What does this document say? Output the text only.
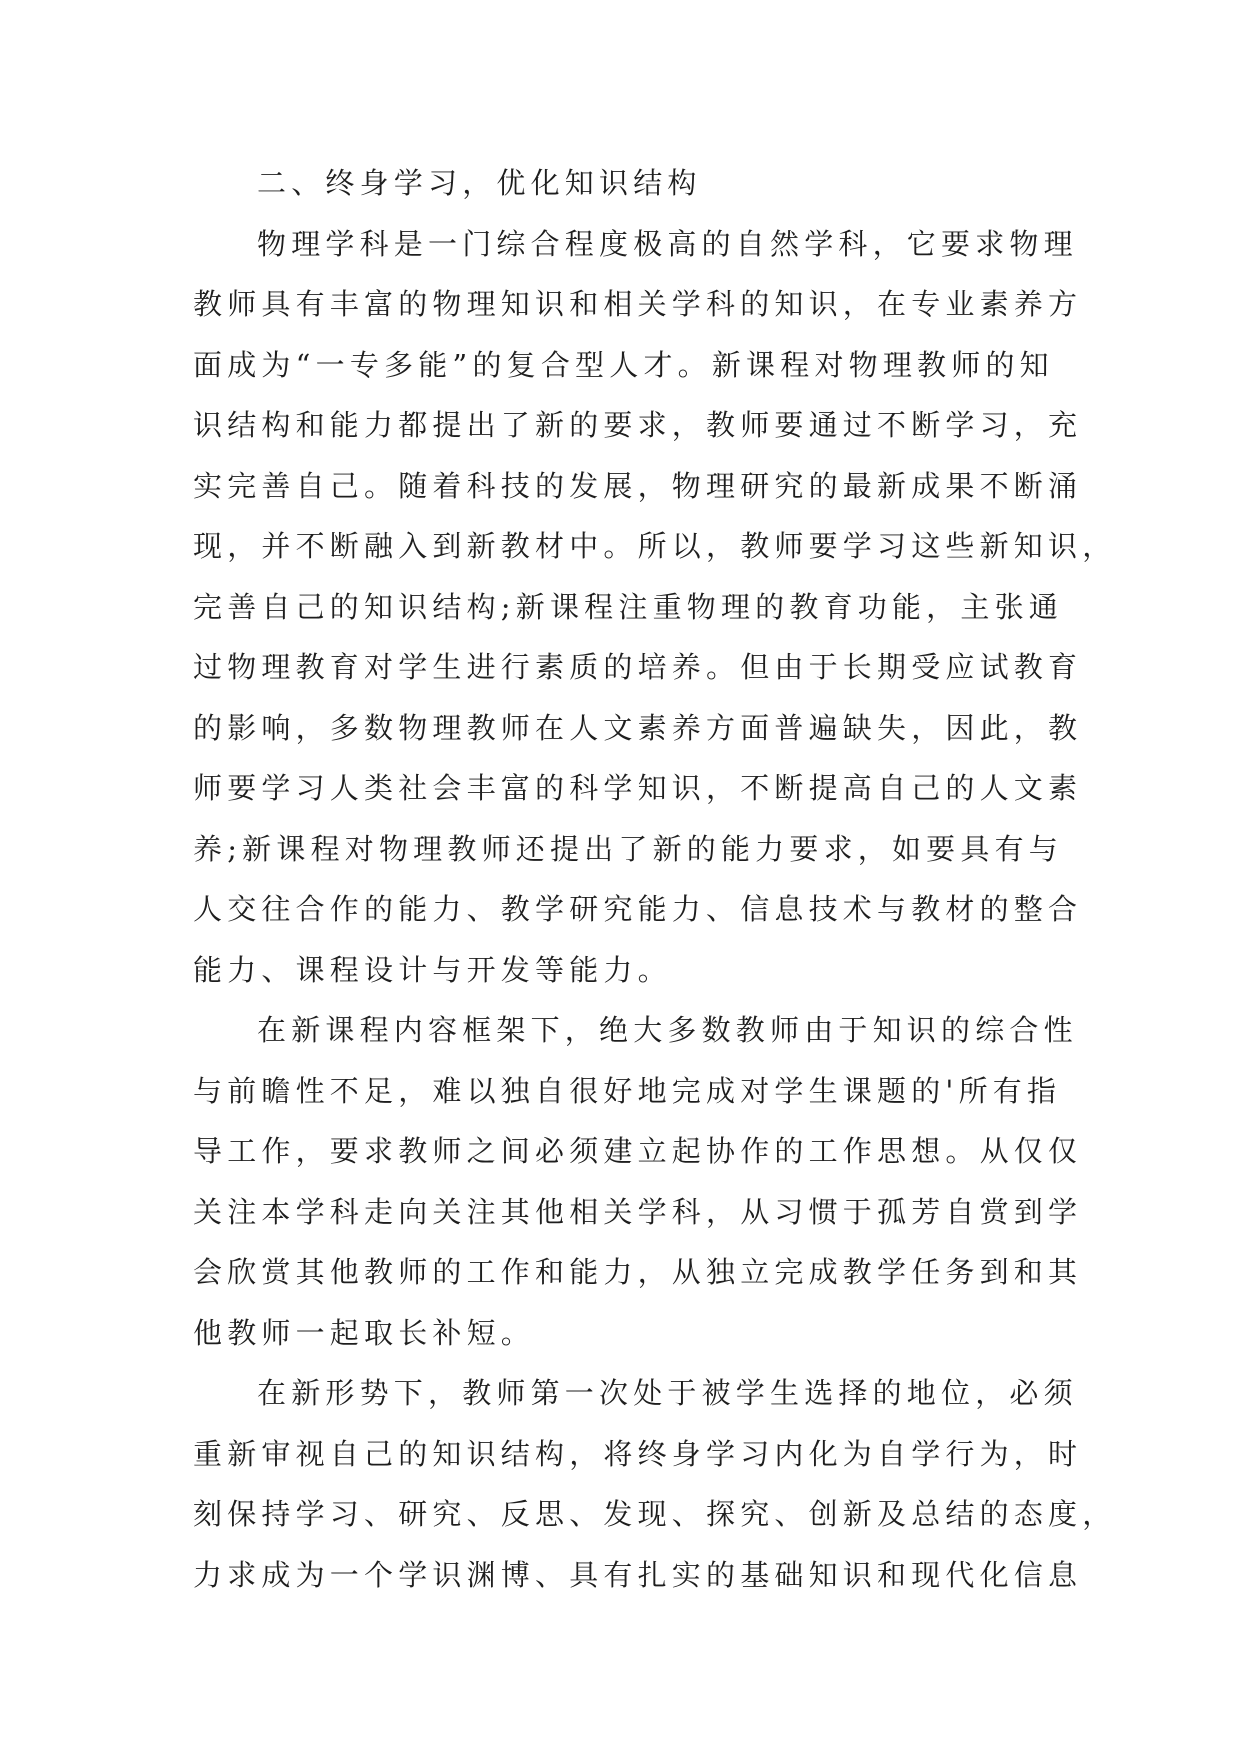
二、终身学习，优化知识结构
物理学科是一门综合程度极高的自然学科，它要求物理
教师具有丰富的物理知识和相关学科的知识，在专业素养方
面成为“一专多能”的复合型人才。新课程对物理教师的知
识结构和能力都提出了新的要求，教师要通过不断学习，充
实完善自己。随着科技的发展，物理研究的最新成果不断涌
现，并不断融入到新教材中。所以，教师要学习这些新知识，
完善自己的知识结构;新课程注重物理的教育功能，主张通
过物理教育对学生进行素质的培养。但由于长期受应试教育
的影响，多数物理教师在人文素养方面普遍缺失，因此，教
师要学习人类社会丰富的科学知识，不断提高自己的人文素
养;新课程对物理教师还提出了新的能力要求，如要具有与
人交往合作的能力、教学研究能力、信息技术与教材的整合
能力、课程设计与开发等能力。
在新课程内容框架下，绝大多数教师由于知识的综合性
与前瞻性不足，难以独自很好地完成对学生课题的'所有指
导工作，要求教师之间必须建立起协作的工作思想。从仅仅
关注本学科走向关注其他相关学科，从习惯于孤芳自赏到学
会欣赏其他教师的工作和能力，从独立完成教学任务到和其
他教师一起取长补短。
在新形势下，教师第一次处于被学生选择的地位，必须
重新审视自己的知识结构，将终身学习内化为自学行为，时
刻保持学习、研究、反思、发现、探究、创新及总结的态度，
力求成为一个学识渊博、具有扎实的基础知识和现代化信息
